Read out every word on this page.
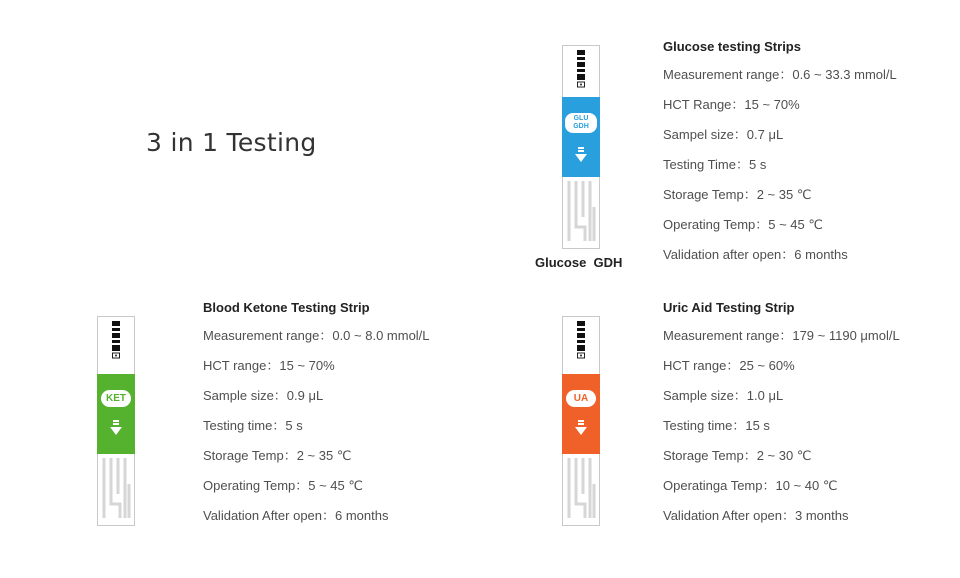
3 in 1 Testing
GLU
GDH
Glucose  GDH
Glucose testing Strips
Measurement range：0.6 ~ 33.3 mmol/L
HCT Range：15 ~ 70%
Sampel size：0.7 μL
Testing Time：5 s
Storage Temp：2 ~ 35 ℃
Operating Temp：5 ~ 45 ℃
Validation after open：6 months
KET
Blood Ketone Testing Strip
Measurement range：0.0 ~ 8.0 mmol/L
HCT range：15 ~ 70%
Sample size：0.9 μL
Testing time：5 s
Storage Temp：2 ~ 35 ℃
Operating Temp：5 ~ 45 ℃
Validation After open：6 months
UA
Uric Aid Testing Strip
Measurement range：179 ~ 1190 μmol/L
HCT range：25 ~ 60%
Sample size：1.0 μL
Testing time：15 s
Storage Temp：2 ~ 30 ℃
Operatinga Temp：10 ~ 40 ℃
Validation After open：3 months
